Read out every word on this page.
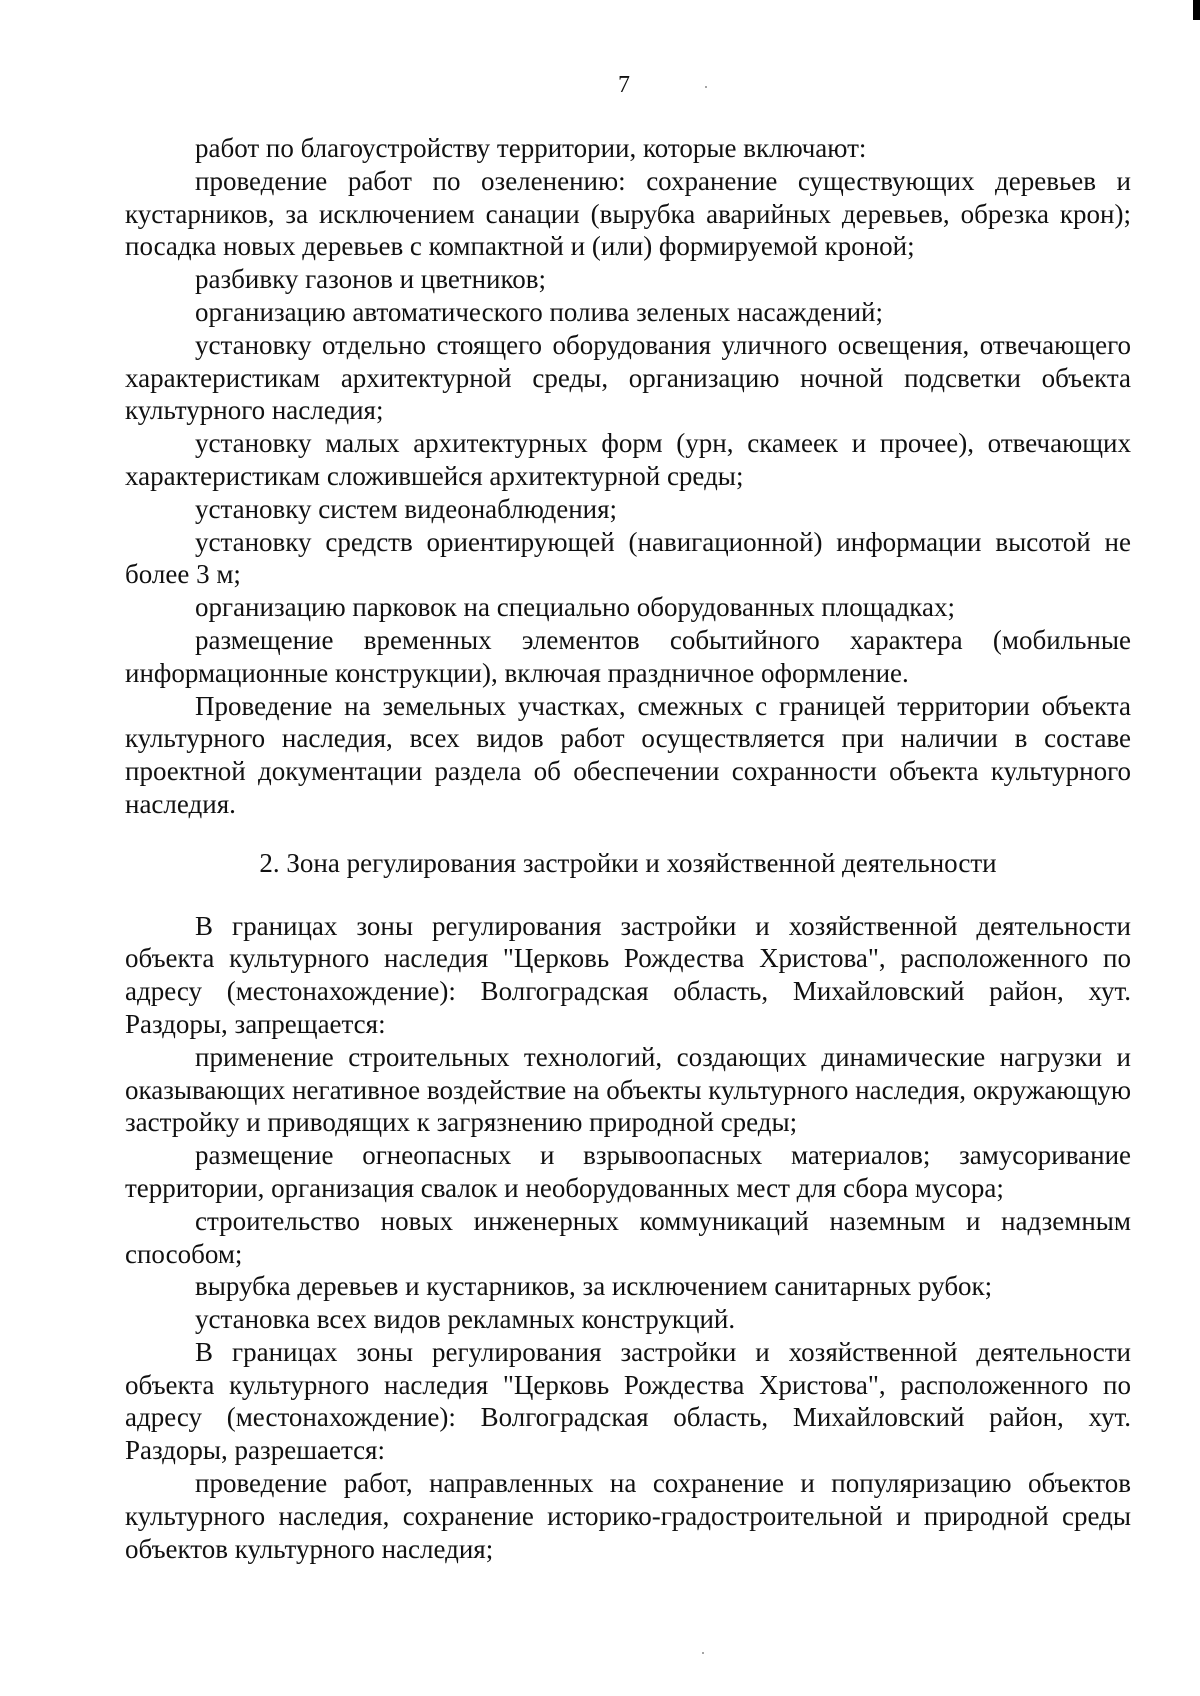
7

работ по благоустройству территории, которые включают:

проведение работ по озеленению: сохранение существующих деревьев и кустарников, за исключением санации (вырубка аварийных деревьев, обрезка крон); посадка новых деревьев с компактной и (или) формируемой кроной;

разбивку газонов и цветников;

организацию автоматического полива зеленых насаждений;

установку отдельно стоящего оборудования уличного освещения, отвечающего характеристикам архитектурной среды, организацию ночной подсветки объекта культурного наследия;

установку малых архитектурных форм (урн, скамеек и прочее), отвечающих характеристикам сложившейся архитектурной среды;

установку систем видеонаблюдения;

установку средств ориентирующей (навигационной) информации высотой не более 3 м;

организацию парковок на специально оборудованных площадках;

размещение временных элементов событийного характера (мобильные информационные конструкции), включая праздничное оформление.

Проведение на земельных участках, смежных с границей территории объекта культурного наследия, всех видов работ осуществляется при наличии в составе проектной документации раздела об обеспечении сохранности объекта культурного наследия.

2. Зона регулирования застройки и хозяйственной деятельности

В границах зоны регулирования застройки и хозяйственной деятельности объекта культурного наследия "Церковь Рождества Христова", расположенного по адресу (местонахождение): Волгоградская область, Михайловский район, хут. Раздоры, запрещается:

применение строительных технологий, создающих динамические нагрузки и оказывающих негативное воздействие на объекты культурного наследия, окружающую застройку и приводящих к загрязнению природной среды;

размещение огнеопасных и взрывоопасных материалов; замусоривание территории, организация свалок и необорудованных мест для сбора мусора;

строительство новых инженерных коммуникаций наземным и надземным способом;

вырубка деревьев и кустарников, за исключением санитарных рубок;

установка всех видов рекламных конструкций.

В границах зоны регулирования застройки и хозяйственной деятельности объекта культурного наследия "Церковь Рождества Христова", расположенного по адресу (местонахождение): Волгоградская область, Михайловский район, хут. Раздоры, разрешается:

проведение работ, направленных на сохранение и популяризацию объектов культурного наследия, сохранение историко-градостроительной и природной среды объектов культурного наследия;
